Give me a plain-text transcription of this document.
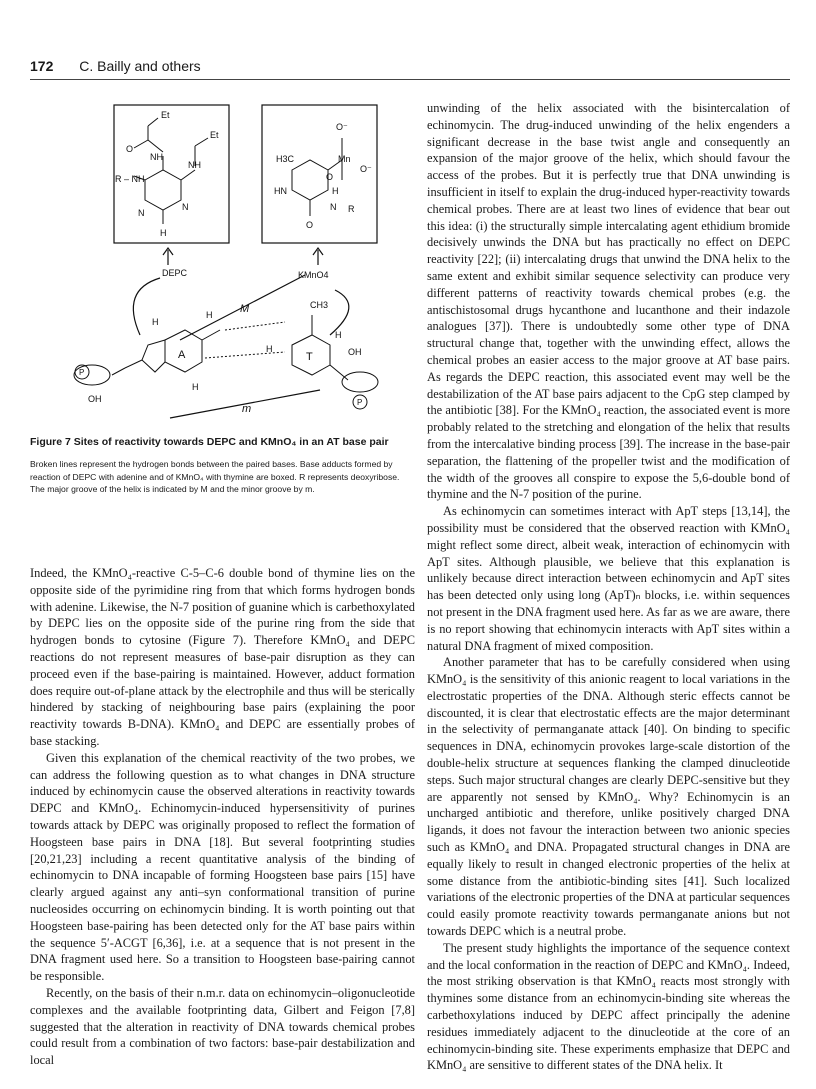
172 C. Bailly and others
Et
Et
O
NH
NH
R – NH
N
N
H
H3C	Mn
O⁻
O⁻
HN	H
O
N R
O
DEPC	KMnO4
M
m
CH3
A	T
OH
OH
P
P
H
H
H
H
H
Figure 7 Sites of reactivity towards DEPC and KMnO₄ in an AT base pair
Broken lines represent the hydrogen bonds between the paired bases. Base adducts formed by reaction of DEPC with adenine and of KMnO₄ with thymine are boxed. R represents deoxyribose. The major groove of the helix is indicated by M and the minor groove by m.

Indeed, the KMnO₄-reactive C-5–C-6 double bond of thymine lies on the opposite side of the pyrimidine ring from that which forms hydrogen bonds with adenine. Likewise, the N-7 position of guanine which is carbethoxylated by DEPC lies on the opposite side of the purine ring from the side that hydrogen bonds to cytosine (Figure 7). Therefore KMnO₄ and DEPC reactions do not represent measures of base-pair disruption as they can proceed even if the base-pairing is maintained. However, adduct formation does require out-of-plane attack by the electrophile and thus will be sterically hindered by stacking of neighbouring base pairs (explaining the poor reactivity towards B-DNA). KMnO₄ and DEPC are essentially probes of base stacking.

Given this explanation of the chemical reactivity of the two probes, we can address the following question as to what changes in DNA structure induced by echinomycin cause the observed alterations in reactivity towards DEPC and KMnO₄. Echinomycin-induced hypersensitivity of purines towards attack by DEPC was originally proposed to reflect the formation of Hoogsteen base pairs in DNA [18]. But several footprinting studies [20,21,23] including a recent quantitative analysis of the binding of echinomycin to DNA incapable of forming Hoogsteen base pairs [15] have clearly argued against any anti–syn conformational transition of purine nucleosides occurring on echinomycin binding. It is worth pointing out that Hoogsteen base-pairing has been detected only for the AT base pairs within the sequence 5′-ACGT [6,36], i.e. at a sequence that is not present in the DNA fragment used here. So a transition to Hoogsteen base-pairing cannot be responsible.

Recently, on the basis of their n.m.r. data on echinomycin–oligonucleotide complexes and the available footprinting data, Gilbert and Feigon [7,8] suggested that the alteration in reactivity of DNA towards chemical probes could result from a combination of two factors: base-pair destabilization and local

unwinding of the helix associated with the bisintercalation of echinomycin. The drug-induced unwinding of the helix engenders a significant decrease in the base twist angle and consequently an expansion of the major groove of the helix, which should favour the access of the probes. But it is perfectly true that DNA unwinding is insufficient in itself to explain the drug-induced hyper-reactivity towards chemical probes. There are at least two lines of evidence that bear out this idea: (i) the structurally simple intercalating agent ethidium bromide decisively unwinds the DNA but has practically no effect on DEPC reactivity [22]; (ii) intercalating drugs that unwind the DNA helix to the same extent and exhibit similar sequence selectivity can produce very different patterns of reactivity towards chemical probes (e.g. the antischistosomal drugs hycanthone and lucanthone and their indazole analogues [37]). There is undoubtedly some other type of DNA structural change that, together with the unwinding effect, allows the chemical probes an easier access to the major groove at AT base pairs. As regards the DEPC reaction, this associated event may well be the destabilization of the AT base pairs adjacent to the CpG step clamped by the antibiotic [38]. For the KMnO₄ reaction, the associated event is more probably related to the stretching and elongation of the helix that results from the intercalative binding process [39]. The increase in the base-pair separation, the flattening of the propeller twist and the modification of the width of the grooves all conspire to expose the 5,6-double bond of thymine and the N-7 position of the purine.

As echinomycin can sometimes interact with ApT steps [13,14], the possibility must be considered that the observed reaction with KMnO₄ might reflect some direct, albeit weak, interaction of echinomycin with ApT sites. Although plausible, we believe that this explanation is unlikely because direct interaction between echinomycin and ApT sites has been detected only using long (ApT)ₙ blocks, i.e. within sequences not present in the DNA fragment used here. As far as we are aware, there is no report showing that echinomycin interacts with ApT sites within a natural DNA fragment of mixed composition.

Another parameter that has to be carefully considered when using KMnO₄ is the sensitivity of this anionic reagent to local variations in the electrostatic properties of the DNA. Although steric effects cannot be discounted, it is clear that electrostatic effects are the major determinant in the selectivity of permanganate attack [40]. On binding to specific sequences in DNA, echinomycin provokes large-scale distortion of the double-helix structure at sequences flanking the clamped dinucleotide steps. Such major structural changes are clearly DEPC-sensitive but they are apparently not sensed by KMnO₄. Why? Echinomycin is an uncharged antibiotic and therefore, unlike positively charged DNA ligands, it does not favour the interaction between two anionic species such as KMnO₄ and DNA. Propagated structural changes in DNA are equally likely to result in changed electronic properties of the helix at some distance from the antibiotic-binding sites [41]. Such localized variations of the electronic properties of the DNA at particular sequences could easily promote reactivity towards permanganate anions but not towards DEPC which is a neutral probe.

The present study highlights the importance of the sequence context and the local conformation in the reaction of DEPC and KMnO₄. Indeed, the most striking observation is that KMnO₄ reacts most strongly with thymines some distance from an echinomycin-binding site whereas the carbethoxylations induced by DEPC affect principally the adenine residues immediately adjacent to the dinucleotide at the core of an echinomycin-binding site. These experiments emphasize that DEPC and KMnO₄ are sensitive to different states of the DNA helix. It
